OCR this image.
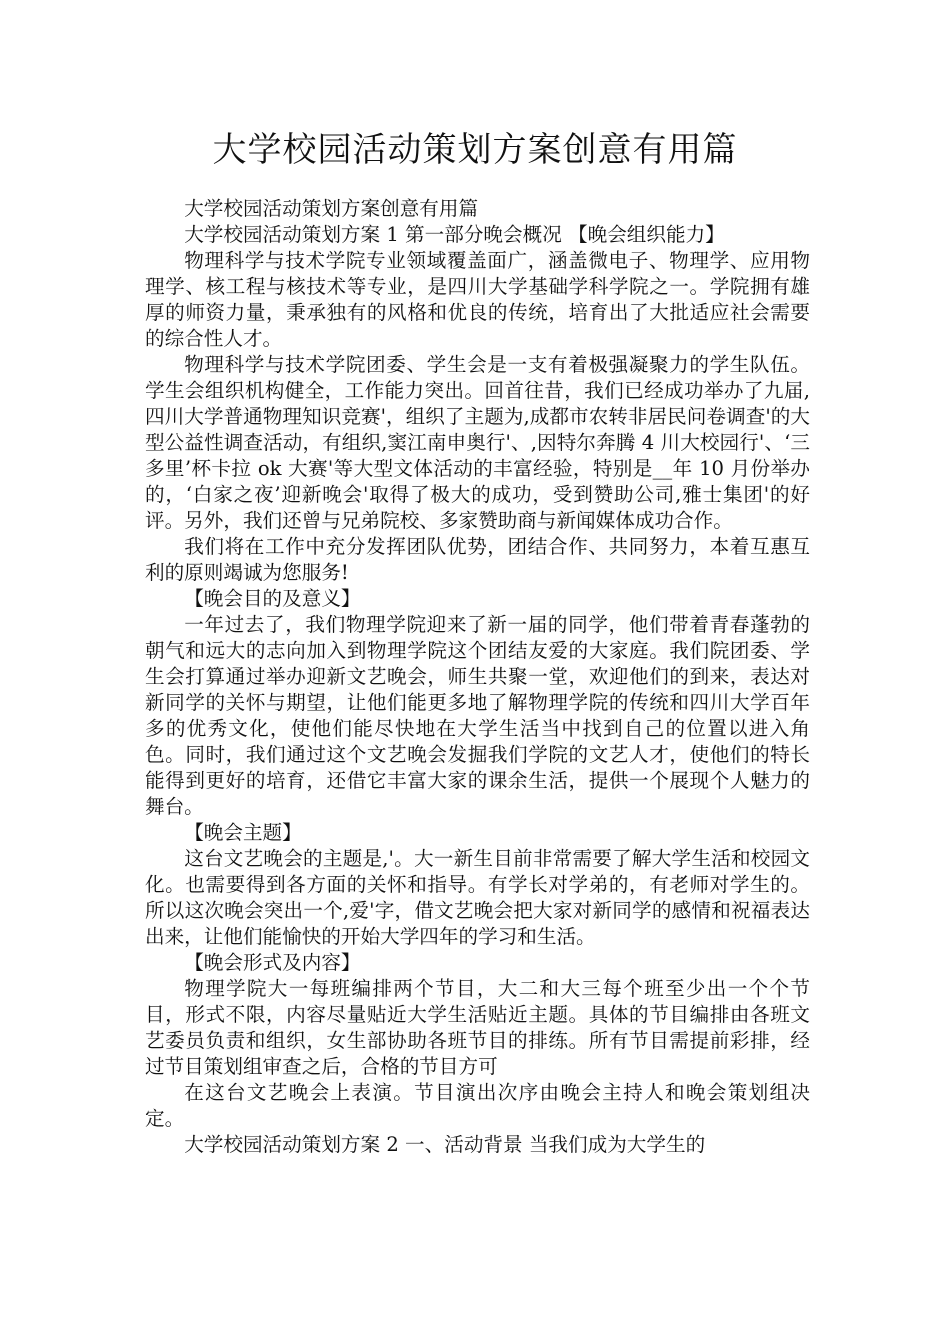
大学校园活动策划方案创意有用篇

大学校园活动策划方案创意有用篇

大学校园活动策划方案 1 第一部分晚会概况 【晚会组织能力】

物理科学与技术学院专业领域覆盖面广，涵盖微电子、物理学、应用物理学、核工程与核技术等专业，是四川大学基础学科学院之一。学院拥有雄厚的师资力量，秉承独有的风格和优良的传统，培育出了大批适应社会需要的综合性人才。

物理科学与技术学院团委、学生会是一支有着极强凝聚力的学生队伍。学生会组织机构健全，工作能力突出。回首往昔，我们已经成功举办了九届,四川大学普通物理知识竞赛'，组织了主题为,成都市农转非居民问卷调查'的大型公益性调查活动，有组织,窦江南申奥行'、,因特尔奔腾 4 川大校园行'、‘三多里’杯卡拉 ok 大赛'等大型文体活动的丰富经验，特别是__年 10 月份举办的，‘白家之夜’迎新晚会'取得了极大的成功，受到赞助公司,雅士集团'的好评。另外，我们还曾与兄弟院校、多家赞助商与新闻媒体成功合作。

我们将在工作中充分发挥团队优势，团结合作、共同努力，本着互惠互利的原则竭诚为您服务!

【晚会目的及意义】

一年过去了，我们物理学院迎来了新一届的同学，他们带着青春蓬勃的朝气和远大的志向加入到物理学院这个团结友爱的大家庭。我们院团委、学生会打算通过举办迎新文艺晚会，师生共聚一堂，欢迎他们的到来，表达对新同学的关怀与期望，让他们能更多地了解物理学院的传统和四川大学百年多的优秀文化，使他们能尽快地在大学生活当中找到自己的位置以进入角色。同时，我们通过这个文艺晚会发掘我们学院的文艺人才，使他们的特长能得到更好的培育，还借它丰富大家的课余生活，提供一个展现个人魅力的舞台。

【晚会主题】

这台文艺晚会的主题是,'。大一新生目前非常需要了解大学生活和校园文化。也需要得到各方面的关怀和指导。有学长对学弟的，有老师对学生的。所以这次晚会突出一个,爱'字，借文艺晚会把大家对新同学的感情和祝福表达出来，让他们能愉快的开始大学四年的学习和生活。

【晚会形式及内容】

物理学院大一每班编排两个节目，大二和大三每个班至少出一个个节目，形式不限，内容尽量贴近大学生活贴近主题。具体的节目编排由各班文艺委员负责和组织，女生部协助各班节目的排练。所有节目需提前彩排，经过节目策划组审查之后，合格的节目方可

在这台文艺晚会上表演。节目演出次序由晚会主持人和晚会策划组决定。

大学校园活动策划方案 2 一、活动背景 当我们成为大学生的
